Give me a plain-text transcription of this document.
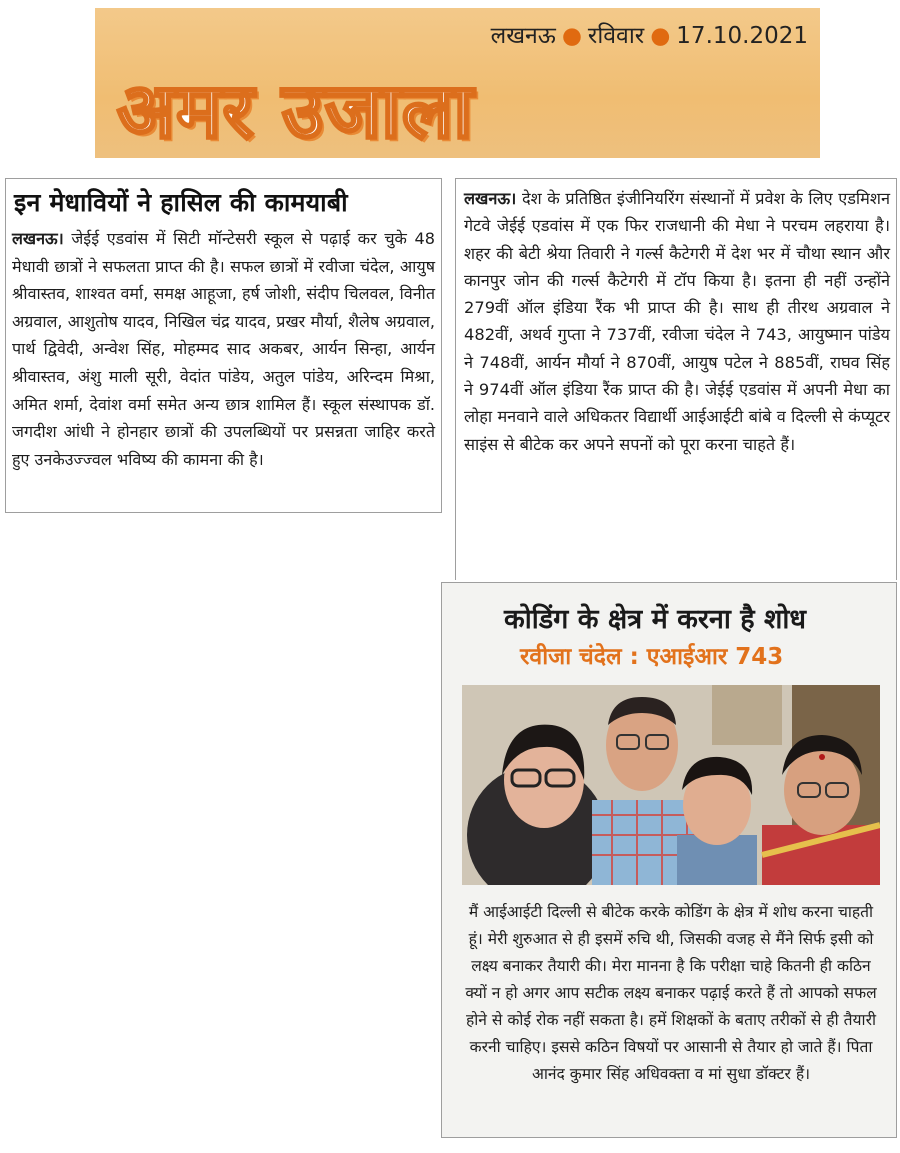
लखनऊ ● रविवार ● 17.10.2021
अमर उजाला
इन मेधावियों ने हासिल की कामयाबी
लखनऊ। जेईई एडवांस में सिटी मॉन्टेसरी स्कूल से पढ़ाई कर चुके 48 मेधावी छात्रों ने सफलता प्राप्त की है। सफल छात्रों में रवीजा चंदेल, आयुष श्रीवास्तव, शाश्वत वर्मा, समक्ष आहूजा, हर्ष जोशी, संदीप चिलवल, विनीत अग्रवाल, आशुतोष यादव, निखिल चंद्र यादव, प्रखर मौर्या, शैलेष अग्रवाल, पार्थ द्विवेदी, अन्वेश सिंह, मोहम्मद साद अकबर, आर्यन सिन्हा, आर्यन श्रीवास्तव, अंशु माली सूरी, वेदांत पांडेय, अतुल पांडेय, अरिन्दम मिश्रा, अमित शर्मा, देवांश वर्मा समेत अन्य छात्र शामिल हैं। स्कूल संस्थापक डॉ. जगदीश आंधी ने होनहार छात्रों की उपलब्धियों पर प्रसन्नता जाहिर करते हुए उनकेउज्ज्वल भविष्य की कामना की है।
लखनऊ। देश के प्रतिष्ठित इंजीनियरिंग संस्थानों में प्रवेश के लिए एडमिशन गेटवे जेईई एडवांस में एक फिर राजधानी की मेधा ने परचम लहराया है। शहर की बेटी श्रेया तिवारी ने गर्ल्स कैटेगरी में देश भर में चौथा स्थान और कानपुर जोन की गर्ल्स कैटेगरी में टॉप किया है। इतना ही नहीं उन्होंने 279वीं ऑल इंडिया रैंक भी प्राप्त की है। साथ ही तीरथ अग्रवाल ने 482वीं, अथर्व गुप्ता ने 737वीं, रवीजा चंदेल ने 743, आयुष्मान पांडेय ने 748वीं, आर्यन मौर्या ने 870वीं, आयुष पटेल ने 885वीं, राघव सिंह ने 974वीं ऑल इंडिया रैंक प्राप्त की है। जेईई एडवांस में अपनी मेधा का लोहा मनवाने वाले अधिकतर विद्यार्थी आईआईटी बांबे व दिल्ली से कंप्यूटर साइंस से बीटेक कर अपने सपनों को पूरा करना चाहते हैं।
कोडिंग के क्षेत्र में करना है शोध
रवीजा चंदेल : एआईआर 743
मैं आईआईटी दिल्ली से बीटेक करके कोडिंग के क्षेत्र में शोध करना चाहती हूं। मेरी शुरुआत से ही इसमें रुचि थी, जिसकी वजह से मैंने सिर्फ इसी को लक्ष्य बनाकर तैयारी की। मेरा मानना है कि परीक्षा चाहे कितनी ही कठिन क्यों न हो अगर आप सटीक लक्ष्य बनाकर पढ़ाई करते हैं तो आपको सफल होने से कोई रोक नहीं सकता है। हमें शिक्षकों के बताए तरीकों से ही तैयारी करनी चाहिए। इससे कठिन विषयों पर आसानी से तैयार हो जाते हैं। पिता आनंद कुमार सिंह अधिवक्ता व मां सुधा डॉक्टर हैं।
